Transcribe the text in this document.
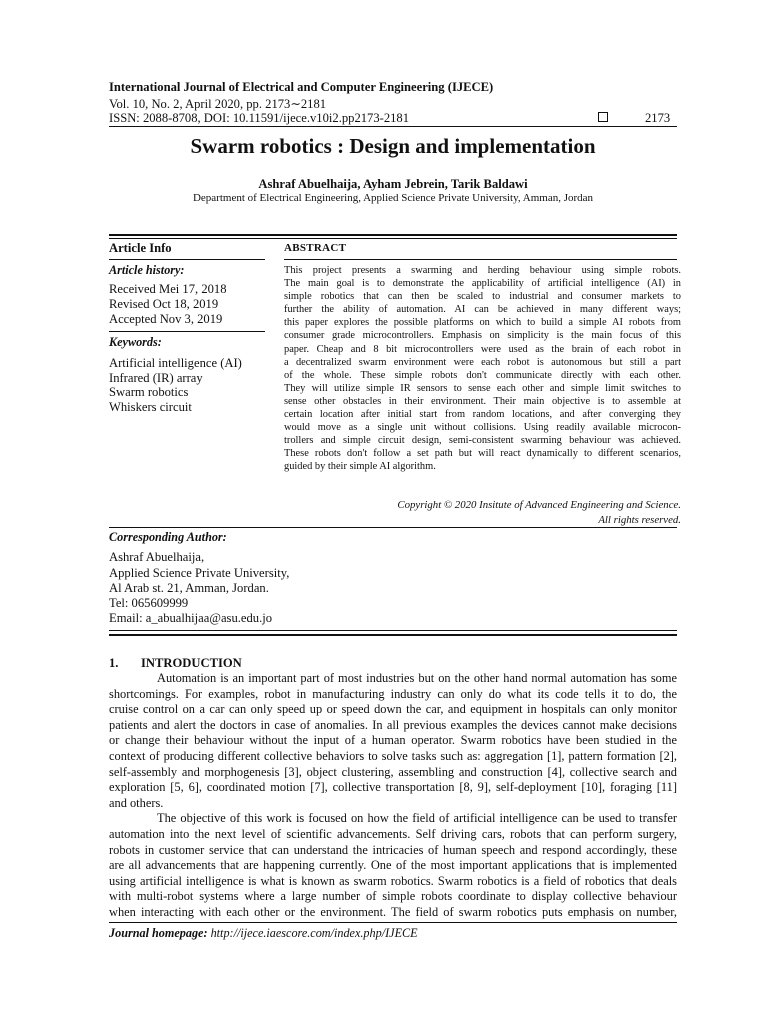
International Journal of Electrical and Computer Engineering (IJECE)
Vol. 10, No. 2, April 2020, pp. 2173∼2181
ISSN: 2088-8708, DOI: 10.11591/ijece.v10i2.pp2173-2181	2173
Swarm robotics : Design and implementation
Ashraf Abuelhaija, Ayham Jebrein, Tarik Baldawi
Department of Electrical Engineering, Applied Science Private University, Amman, Jordan
Article Info
Article history:
Received Mei 17, 2018
Revised Oct 18, 2019
Accepted Nov 3, 2019
Keywords:
Artificial intelligence (AI)
Infrared (IR) array
Swarm robotics
Whiskers circuit
ABSTRACT
This project presents a swarming and herding behaviour using simple robots.
The main goal is to demonstrate the applicability of artificial intelligence (AI) in
simple robotics that can then be scaled to industrial and consumer markets to
further the ability of automation. AI can be achieved in many different ways;
this paper explores the possible platforms on which to build a simple AI robots from
consumer grade microcontrollers. Emphasis on simplicity is the main focus of this
paper. Cheap and 8 bit microcontrollers were used as the brain of each robot in
a decentralized swarm environment were each robot is autonomous but still a part
of the whole. These simple robots don't communicate directly with each other.
They will utilize simple IR sensors to sense each other and simple limit switches to
sense other obstacles in their environment. Their main objective is to assemble at
certain location after initial start from random locations, and after converging they
would move as a single unit without collisions. Using readily available microcon-
trollers and simple circuit design, semi-consistent swarming behaviour was achieved.
These robots don't follow a set path but will react dynamically to different scenarios,
guided by their simple AI algorithm.
Copyright © 2020 Insitute of Advanced Engineering and Science.
All rights reserved.
Corresponding Author:
Ashraf Abuelhaija,
Applied Science Private University,
Al Arab st. 21, Amman, Jordan.
Tel: 065609999
Email: a_abualhijaa@asu.edu.jo
1. INTRODUCTION
Automation is an important part of most industries but on the other hand normal automation has some
shortcomings. For examples, robot in manufacturing industry can only do what its code tells it to do, the
cruise control on a car can only speed up or speed down the car, and equipment in hospitals can only monitor
patients and alert the doctors in case of anomalies. In all previous examples the devices cannot make decisions
or change their behaviour without the input of a human operator. Swarm robotics have been studied in the
context of producing different collective behaviors to solve tasks such as: aggregation [1], pattern formation [2],
self-assembly and morphogenesis [3], object clustering, assembling and construction [4], collective search and
exploration [5, 6], coordinated motion [7], collective transportation [8, 9], self-deployment [10], foraging [11]
and others.
The objective of this work is focused on how the field of artificial intelligence can be used to transfer
automation into the next level of scientific advancements. Self driving cars, robots that can perform surgery,
robots in customer service that can understand the intricacies of human speech and respond accordingly, these
are all advancements that are happening currently. One of the most important applications that is implemented
using artificial intelligence is what is known as swarm robotics. Swarm robotics is a field of robotics that deals
with multi-robot systems where a large number of simple robots coordinate to display collective behaviour
when interacting with each other or the environment. The field of swarm robotics puts emphasis on number,
Journal homepage: http://ijece.iaescore.com/index.php/IJECE
